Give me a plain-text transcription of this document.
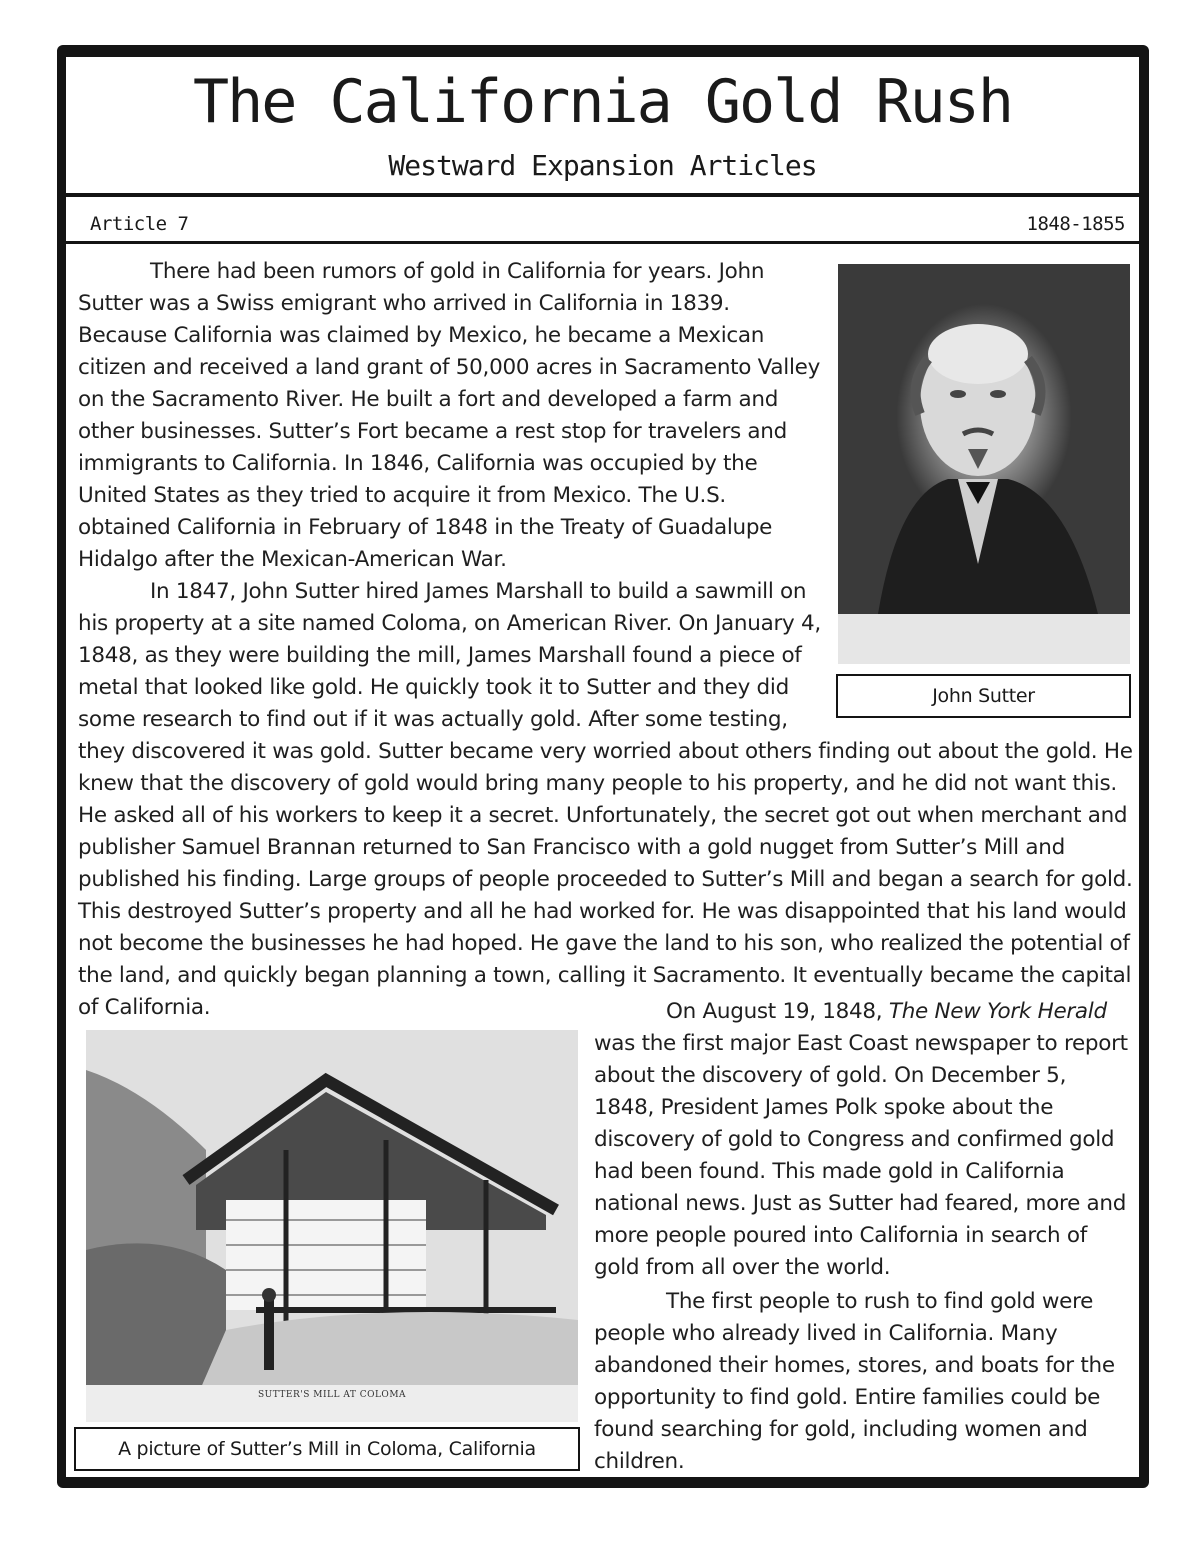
The California Gold Rush
Westward Expansion Articles
Article 7	1848-1855

There had been rumors of gold in California for years. John Sutter was a Swiss emigrant who arrived in California in 1839. Because California was claimed by Mexico, he became a Mexican citizen and received a land grant of 50,000 acres in Sacramento Valley on the Sacramento River. He built a fort and developed a farm and other businesses. Sutter’s Fort became a rest stop for travelers and immigrants to California. In 1846, California was occupied by the United States as they tried to acquire it from Mexico. The U.S. obtained California in February of 1848 in the Treaty of Guadalupe Hidalgo after the Mexican-American War.

In 1847, John Sutter hired James Marshall to build a sawmill on his property at a site named Coloma, on American River. On January 4, 1848, as they were building the mill, James Marshall found a piece of metal that looked like gold. He quickly took it to Sutter and they did some research to find out if it was actually gold. After some testing,

they discovered it was gold. Sutter became very worried about others finding out about the gold. He knew that the discovery of gold would bring many people to his property, and he did not want this. He asked all of his workers to keep it a secret. Unfortunately, the secret got out when merchant and publisher Samuel Brannan returned to San Francisco with a gold nugget from Sutter’s Mill and published his finding. Large groups of people proceeded to Sutter’s Mill and began a search for gold. This destroyed Sutter’s property and all he had worked for. He was disappointed that his land would not become the businesses he had hoped. He gave the land to his son, who realized the potential of the land, and quickly began planning a town, calling it Sacramento. It eventually became the capital of California.	On August 19, 1848, The New York Herald was the first major East Coast newspaper to report about the discovery of gold. On December 5, 1848, President James Polk spoke about the discovery of gold to Congress and confirmed gold had been found. This made gold in California national news. Just as Sutter had feared, more and more people poured into California in search of gold from all over the world.

The first people to rush to find gold were people who already lived in California. Many abandoned their homes, stores, and boats for the opportunity to find gold. Entire families could be found searching for gold, including women and children.

John Sutter
SUTTER'S MILL AT COLOMA
A picture of Sutter’s Mill in Coloma, California
